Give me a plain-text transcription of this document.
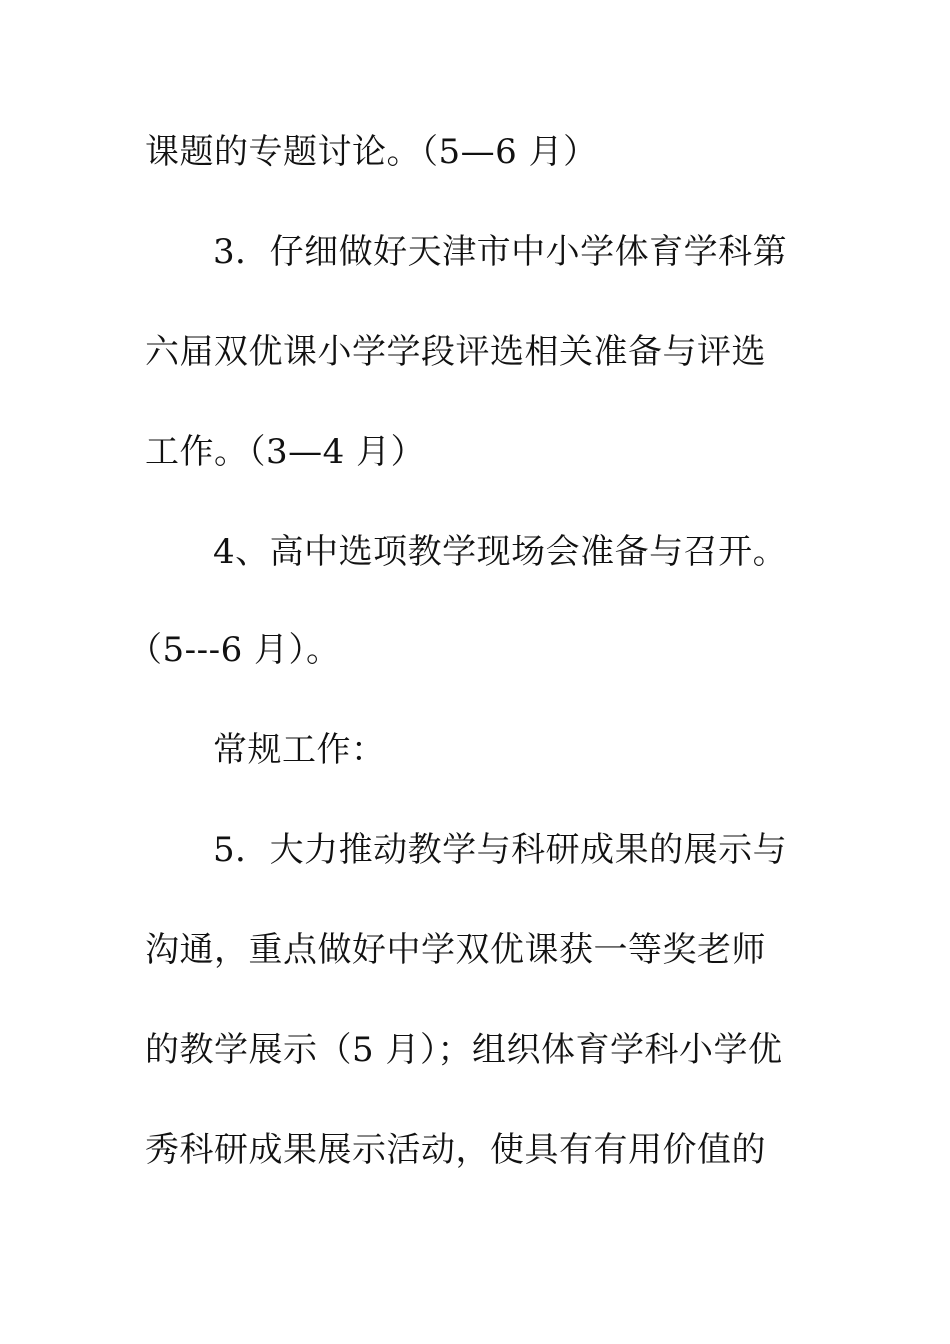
课题的专题讨论。（5—6 月）
3．仔细做好天津市中小学体育学科第
六届双优课小学学段评选相关准备与评选
工作。（3—4 月）
4、高中选项教学现场会准备与召开。
（5---6 月）。
常规工作：
5．大力推动教学与科研成果的展示与
沟通，重点做好中学双优课获一等奖老师
的教学展示（5 月）；组织体育学科小学优
秀科研成果展示活动，使具有有用价值的
